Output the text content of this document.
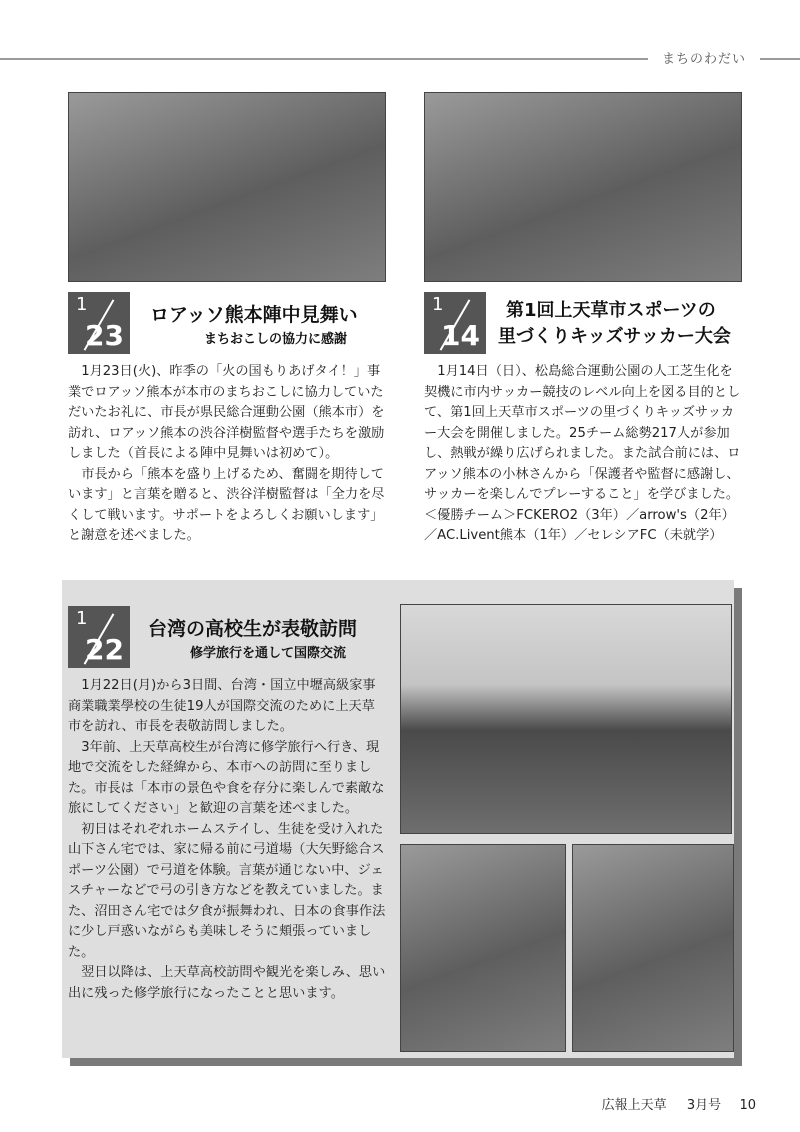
まちのわだい
1
23
ロアッソ熊本陣中見舞い
まちおこしの協力に感謝

1月23日(火)、昨季の「火の国もりあげタイ！」事業でロアッソ熊本が本市のまちおこしに協力していただいたお礼に、市長が県民総合運動公園（熊本市）を訪れ、ロアッソ熊本の渋谷洋樹監督や選手たちを激励しました（首長による陣中見舞いは初めて）。

市長から「熊本を盛り上げるため、奮闘を期待しています」と言葉を贈ると、渋谷洋樹監督は「全力を尽くして戦います。サポートをよろしくお願いします」と謝意を述べました。

1
14
第1回上天草市スポーツの
里づくりキッズサッカー大会

1月14日（日）、松島総合運動公園の人工芝生化を契機に市内サッカー競技のレベル向上を図る目的として、第1回上天草市スポーツの里づくりキッズサッカー大会を開催しました。25チーム総勢217人が参加し、熱戦が繰り広げられました。また試合前には、ロアッソ熊本の小林さんから「保護者や監督に感謝し、サッカーを楽しんでプレーすること」を学びました。

＜優勝チーム＞FCKERO2（3年）／arrow's（2年）

／AC.Livent熊本（1年）／セレシアFC（未就学）

1
22
台湾の高校生が表敬訪問
修学旅行を通して国際交流

1月22日(月)から3日間、台湾・国立中壢高級家事商業職業學校の生徒19人が国際交流のために上天草市を訪れ、市長を表敬訪問しました。

3年前、上天草高校生が台湾に修学旅行へ行き、現地で交流をした経緯から、本市への訪問に至りました。市長は「本市の景色や食を存分に楽しんで素敵な旅にしてください」と歓迎の言葉を述べました。

初日はそれぞれホームステイし、生徒を受け入れた山下さん宅では、家に帰る前に弓道場（大矢野総合スポーツ公園）で弓道を体験。言葉が通じない中、ジェスチャーなどで弓の引き方などを教えていました。また、沼田さん宅では夕食が振舞われ、日本の食事作法に少し戸惑いながらも美味しそうに頬張っていました。

翌日以降は、上天草高校訪問や観光を楽しみ、思い出に残った修学旅行になったことと思います。

広報上天草 3月号 10
